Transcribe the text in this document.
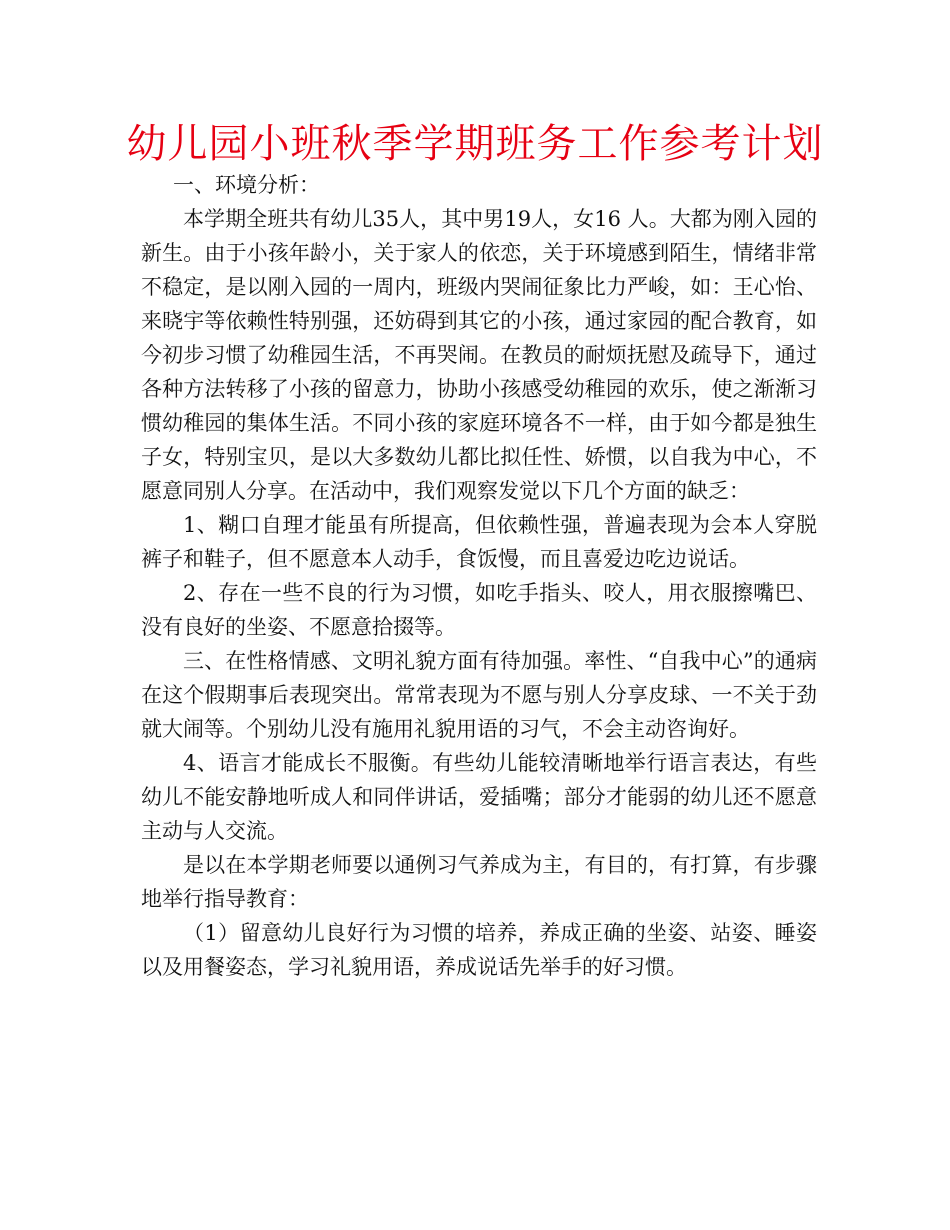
幼儿园小班秋季学期班务工作参考计划

一、环境分析：

本学期全班共有幼儿35人，其中男19人，女16 人。大都为刚入园的新生。由于小孩年龄小，关于家人的依恋，关于环境感到陌生，情绪非常不稳定，是以刚入园的一周内，班级内哭闹征象比力严峻，如：王心怡、来晓宇等依赖性特别强，还妨碍到其它的小孩，通过家园的配合教育，如今初步习惯了幼稚园生活，不再哭闹。在教员的耐烦抚慰及疏导下，通过各种方法转移了小孩的留意力，协助小孩感受幼稚园的欢乐，使之渐渐习惯幼稚园的集体生活。不同小孩的家庭环境各不一样，由于如今都是独生子女，特别宝贝，是以大多数幼儿都比拟任性、娇惯，以自我为中心，不愿意同别人分享。在活动中，我们观察发觉以下几个方面的缺乏：

1、糊口自理才能虽有所提高，但依赖性强，普遍表现为会本人穿脱裤子和鞋子，但不愿意本人动手，食饭慢，而且喜爱边吃边说话。

2、存在一些不良的行为习惯，如吃手指头、咬人，用衣服擦嘴巴、没有良好的坐姿、不愿意拾掇等。

三、在性格情感、文明礼貌方面有待加强。率性、“自我中心”的通病在这个假期事后表现突出。常常表现为不愿与别人分享皮球、一不关于劲就大闹等。个别幼儿没有施用礼貌用语的习气，不会主动咨询好。

4、语言才能成长不服衡。有些幼儿能较清晰地举行语言表达，有些幼儿不能安静地听成人和同伴讲话，爱插嘴；部分才能弱的幼儿还不愿意主动与人交流。

是以在本学期老师要以通例习气养成为主，有目的，有打算，有步骤地举行指导教育：

（1）留意幼儿良好行为习惯的培养，养成正确的坐姿、站姿、睡姿以及用餐姿态，学习礼貌用语，养成说话先举手的好习惯。
